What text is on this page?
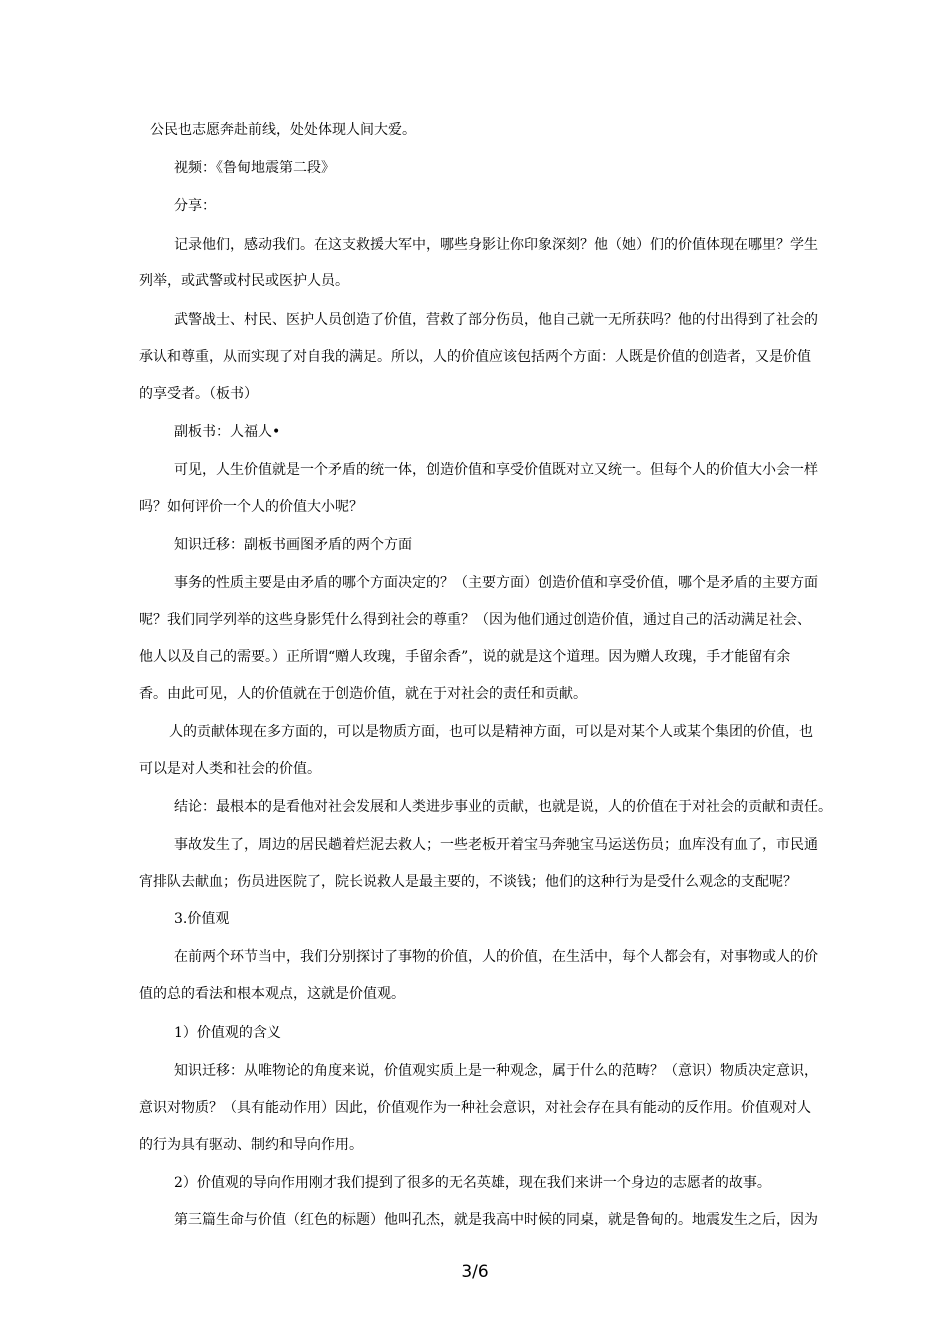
公民也志愿奔赴前线，处处体现人间大爱。

视频：《鲁甸地震第二段》

分享：

记录他们，感动我们。在这支救援大军中，哪些身影让你印象深刻？他（她）们的价值体现在哪里？学生

列举，或武警或村民或医护人员。

武警战士、村民、医护人员创造了价值，营救了部分伤员，他自己就一无所获吗？他的付出得到了社会的

承认和尊重，从而实现了对自我的满足。所以，人的价值应该包括两个方面：人既是价值的创造者，又是价值

的享受者。（板书）

副板书：人福人•

可见，人生价值就是一个矛盾的统一体，创造价值和享受价值既对立又统一。但每个人的价值大小会一样

吗？如何评价一个人的价值大小呢？

知识迁移：副板书画图矛盾的两个方面

事务的性质主要是由矛盾的哪个方面决定的？（主要方面）创造价值和享受价值，哪个是矛盾的主要方面

呢？我们同学列举的这些身影凭什么得到社会的尊重？（因为他们通过创造价值，通过自己的活动满足社会、

他人以及自己的需要。）正所谓“赠人玫瑰，手留余香”，说的就是这个道理。因为赠人玫瑰，手才能留有余

香。由此可见，人的价值就在于创造价值，就在于对社会的责任和贡献。

人的贡献体现在多方面的，可以是物质方面，也可以是精神方面，可以是对某个人或某个集团的价值，也

可以是对人类和社会的价值。

结论：最根本的是看他对社会发展和人类进步事业的贡献，也就是说，人的价值在于对社会的贡献和责任。

事故发生了，周边的居民趟着烂泥去救人；一些老板开着宝马奔驰宝马运送伤员；血库没有血了，市民通

宵排队去献血；伤员进医院了，院长说救人是最主要的，不谈钱；他们的这种行为是受什么观念的支配呢？

3.价值观

在前两个环节当中，我们分别探讨了事物的价值，人的价值，在生活中，每个人都会有，对事物或人的价

值的总的看法和根本观点，这就是价值观。

1）价值观的含义

知识迁移：从唯物论的角度来说，价值观实质上是一种观念，属于什么的范畴？（意识）物质决定意识，

意识对物质？（具有能动作用）因此，价值观作为一种社会意识，对社会存在具有能动的反作用。价值观对人

的行为具有驱动、制约和导向作用。

2）价值观的导向作用刚才我们提到了很多的无名英雄，现在我们来讲一个身边的志愿者的故事。

第三篇生命与价值（红色的标题）他叫孔杰，就是我高中时候的同桌，就是鲁甸的。地震发生之后，因为

3/6
